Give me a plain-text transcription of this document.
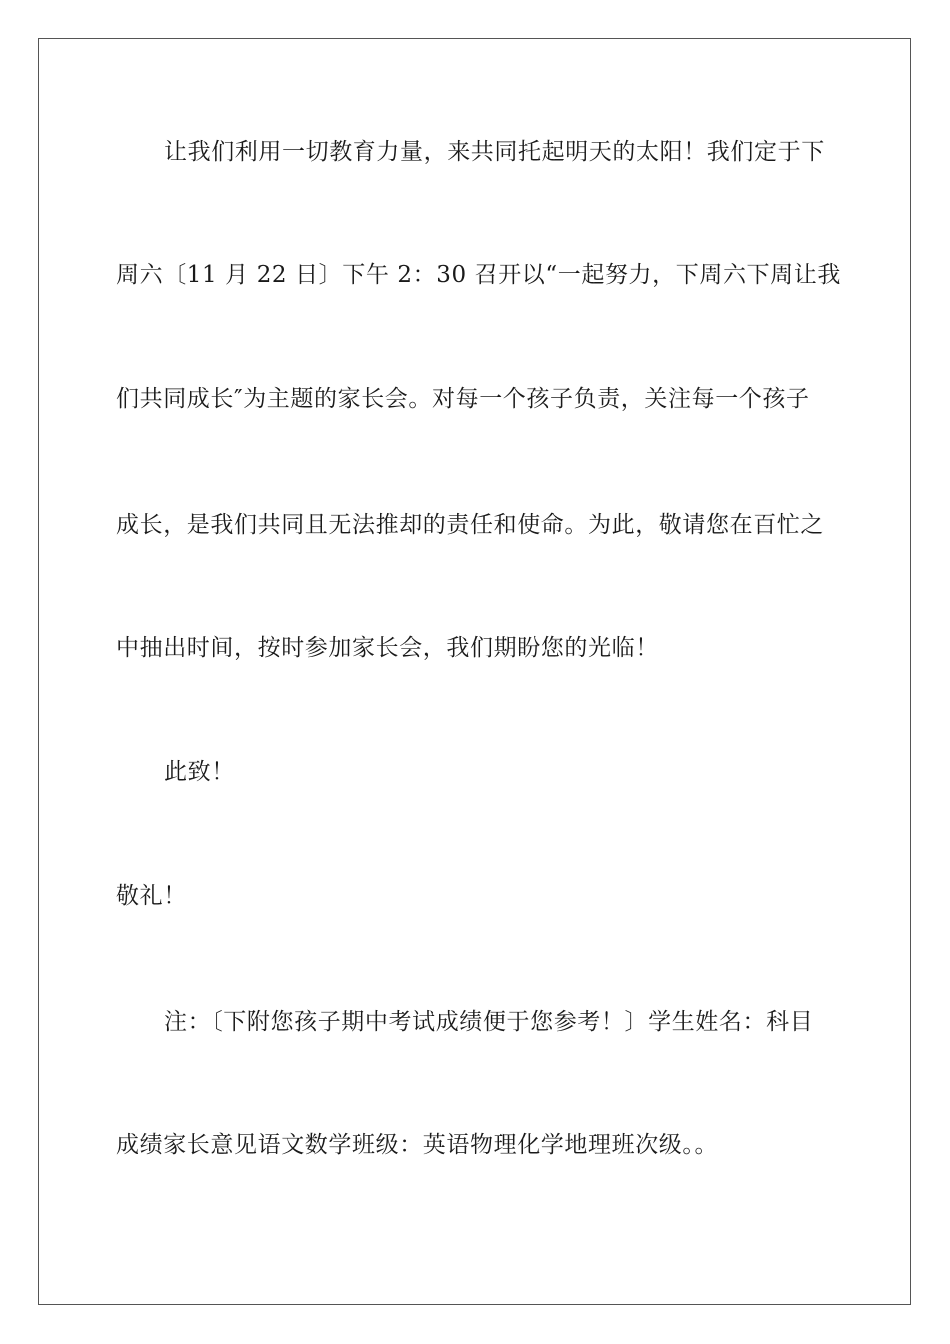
让我们利用一切教育力量，来共同托起明天的太阳！我们定于下
周六〔11 月 22 日〕下午 2：30 召开以“一起努力，下周六下周让我
们共同成长″为主题的家长会。对每一个孩子负责，关注每一个孩子
成长，是我们共同且无法推却的责任和使命。为此，敬请您在百忙之
中抽出时间，按时参加家长会，我们期盼您的光临！
此致！
敬礼！
注：〔下附您孩子期中考试成绩便于您参考！〕学生姓名：科目
成绩家长意见语文数学班级：英语物理化学地理班次级。。
